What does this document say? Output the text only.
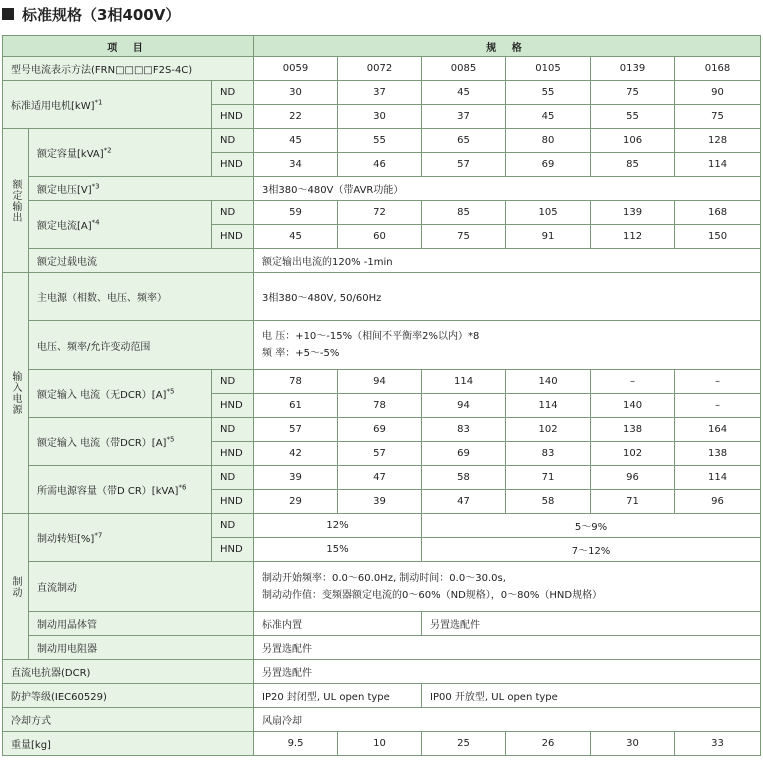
标准规格（3相400V）
项 目			规 格					
型号电流表示方法(FRN□□□□F2S-4C)			0059	0072	0085	0105	0139	0168
标准适用电机[kW]$^{*1}$		ND	30	37	45	55	75	90
		HND	22	30	37	45	55	75
额定输出	额定容量[kVA]$^{*2}$	ND	45	55	65	80	106	128
		HND	34	46	57	69	85	114
	额定电压$[V]^{*3}$		3相380～480V（带AVR功能）					
	额定电流$[A]^{*4}$	ND	59	72	85	105	139	168
		HND	45	60	75	91	112	150
	额定过载电流		额定输出电流的120% -1min					
输入电源	主电源（相数、电压、频率）		3相380～480V, 50/60Hz					
	电压、频率/允许变动范围		电 压：+10～-15%（相间不平衡率2%以内）*8
频 率：+5～-5%					

	额定输入 电流（无$DCR)[A]^{*5}$	ND	78	94	114	140	–	–
		HND	61	78	94	114	140	–
	额定输入 电流（带$DCR)[A]^{*5}$	ND	57	69	83	102	138	164
		HND	42	57	69	83	102	138
	所需电源容量（带D CR）[kVA]$^{*6}$	ND	39	47	58	71	96	114
		HND	29	39	47	58	71	96
制动	制动转矩[%]$^{*7}$	ND	12%		5～9%			
		HND	15%		7～12%			
	直流制动		制动开始频率：0.0～60.0Hz, 制动时间：0.0～30.0s,
制动动作值：变频器额定电流的0～60%（ND规格），0～80%（HND规格）					

	制动用晶体管		标准内置		另置选配件			
	制动用电阻器		另置选配件					
直流电抗器(DCR)			另置选配件					
防护等级(IEC60529)			IP20 封闭型, UL open type		IP00 开放型, UL open type			
冷却方式			风扇冷却					
重量[kg]			9.5	10	25	26	30	33
